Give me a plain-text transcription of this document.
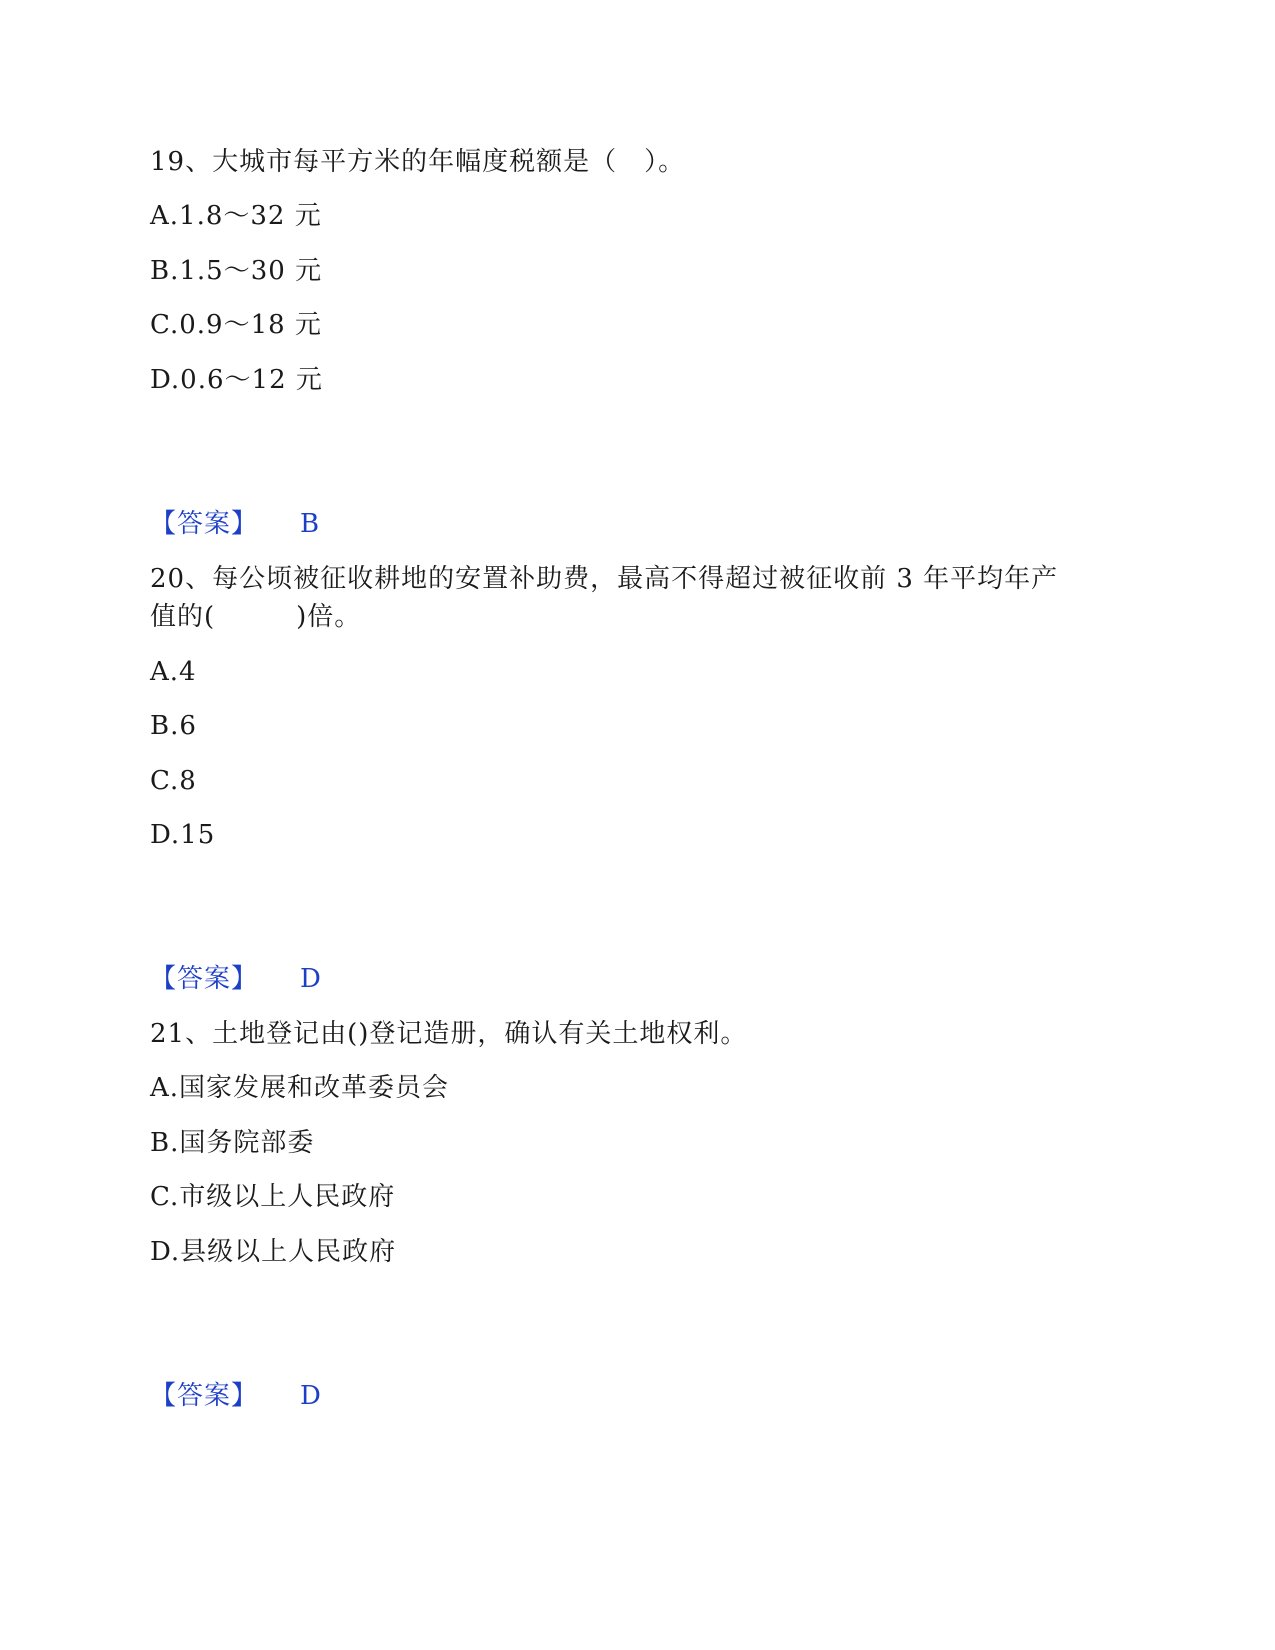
19、大城市每平方米的年幅度税额是（　）。
A.1.8～32 元
B.1.5～30 元
C.0.9～18 元
D.0.6～12 元
【答案】 B
20、每公顷被征收耕地的安置补助费，最高不得超过被征收前 3 年平均年产
值的(　　　)倍。
A.4
B.6
C.8
D.15
【答案】 D
21、土地登记由()登记造册，确认有关土地权利。
A.国家发展和改革委员会
B.国务院部委
C.市级以上人民政府
D.县级以上人民政府
【答案】 D
